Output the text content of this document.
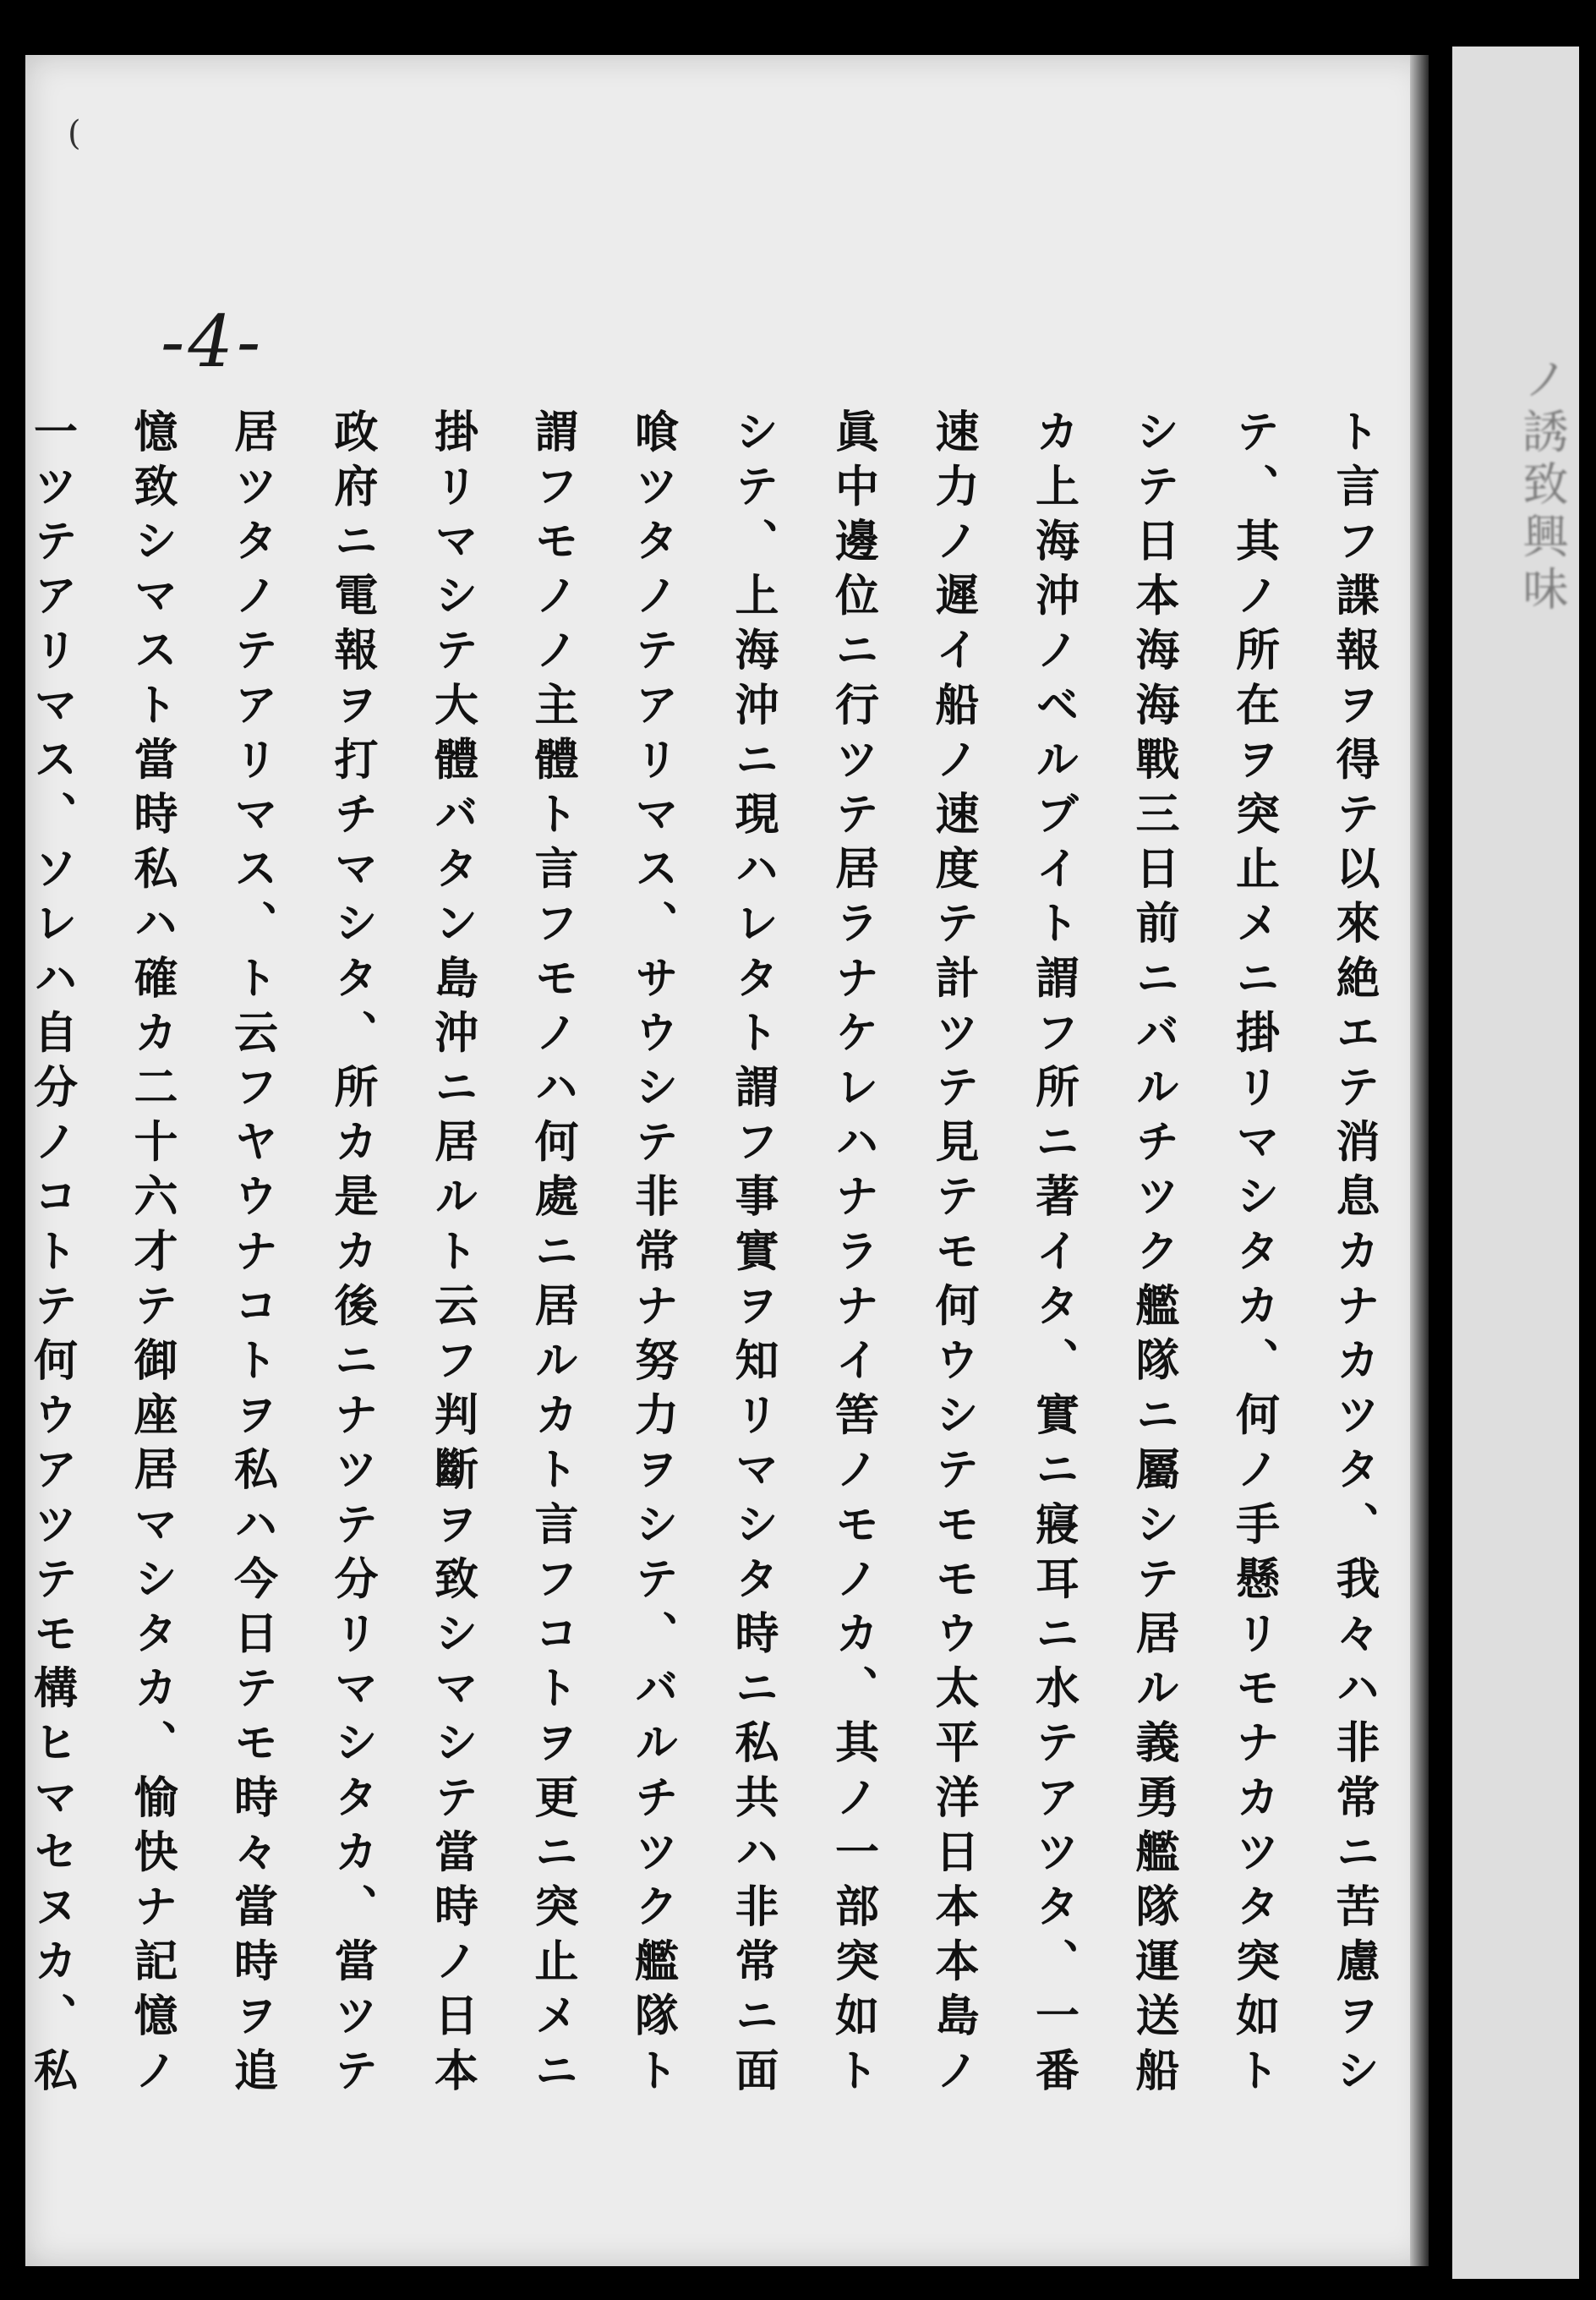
ノ誘致興味
(
-4-
ト言フ諜報ヲ得テ以來絶エテ消息カナカツタ、我々ハ非常ニ苦慮ヲシ
テ、其ノ所在ヲ突止メニ掛リマシタカ、何ノ手懸リモナカツタ突如ト
シテ日本海海戰三日前ニバルチツク艦隊ニ屬シテ居ル義勇艦隊運送船
カ上海沖ノベルブイト謂フ所ニ著イタ、實ニ寢耳ニ水テアツタ、一番
速力ノ遲イ船ノ速度テ計ツテ見テモ何ウシテモモウ太平洋日本本島ノ
眞中邊位ニ行ツテ居ラナケレハナラナイ筈ノモノカ、其ノ一部突如ト
シテ、上海沖ニ現ハレタト謂フ事實ヲ知リマシタ時ニ私共ハ非常ニ面
喰ツタノテアリマス、サウシテ非常ナ努力ヲシテ、バルチツク艦隊ト
謂フモノノ主體ト言フモノハ何處ニ居ルカト言フコトヲ更ニ突止メニ
掛リマシテ大體バタン島沖ニ居ルト云フ判斷ヲ致シマシテ當時ノ日本
政府ニ電報ヲ打チマシタ、所カ是カ後ニナツテ分リマシタカ、當ツテ
居ツタノテアリマス、ト云フヤウナコトヲ私ハ今日テモ時々當時ヲ追
憶致シマスト當時私ハ確カ二十六才テ御座居マシタカ、愉快ナ記憶ノ
一ツテアリマス、ソレハ自分ノコトテ何ウアツテモ構ヒマセヌカ、私
